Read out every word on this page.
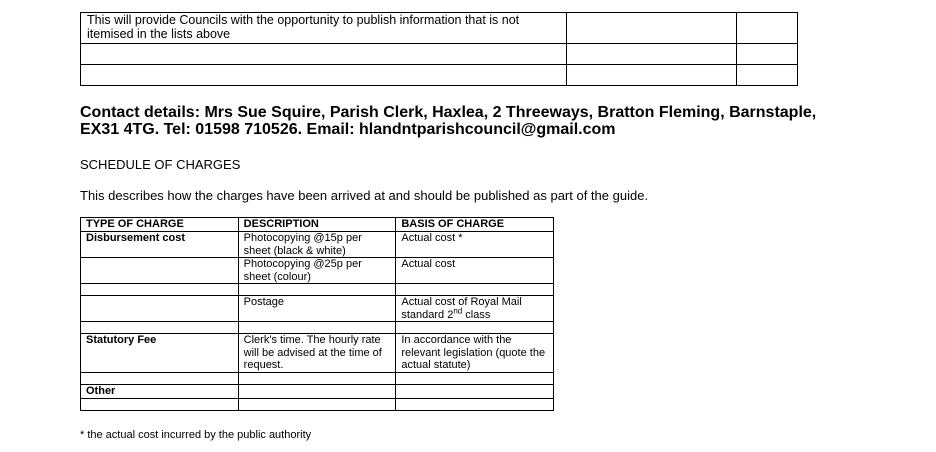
This will provide Councils with the opportunity to publish information that is not itemised in the lists above		

Contact details: Mrs Sue Squire, Parish Clerk, Haxlea, 2 Threeways, Bratton Fleming, Barnstaple, EX31 4TG. Tel: 01598 710526. Email: hlandntparishcouncil@gmail.com
SCHEDULE OF CHARGES
This describes how the charges have been arrived at and should be published as part of the guide.
TYPE OF CHARGE	DESCRIPTION	BASIS OF CHARGE
Disbursement cost	Photocopying @15p per sheet (black & white)	Actual cost *
	Photocopying @25p per sheet (colour)	Actual cost

	Postage	Actual cost of Royal Mail standard 2nd class

Statutory Fee	Clerk's time. The hourly rate will be advised at the time of request.	In accordance with the relevant legislation (quote the actual statute)

Other		

* the actual cost incurred by the public authority
